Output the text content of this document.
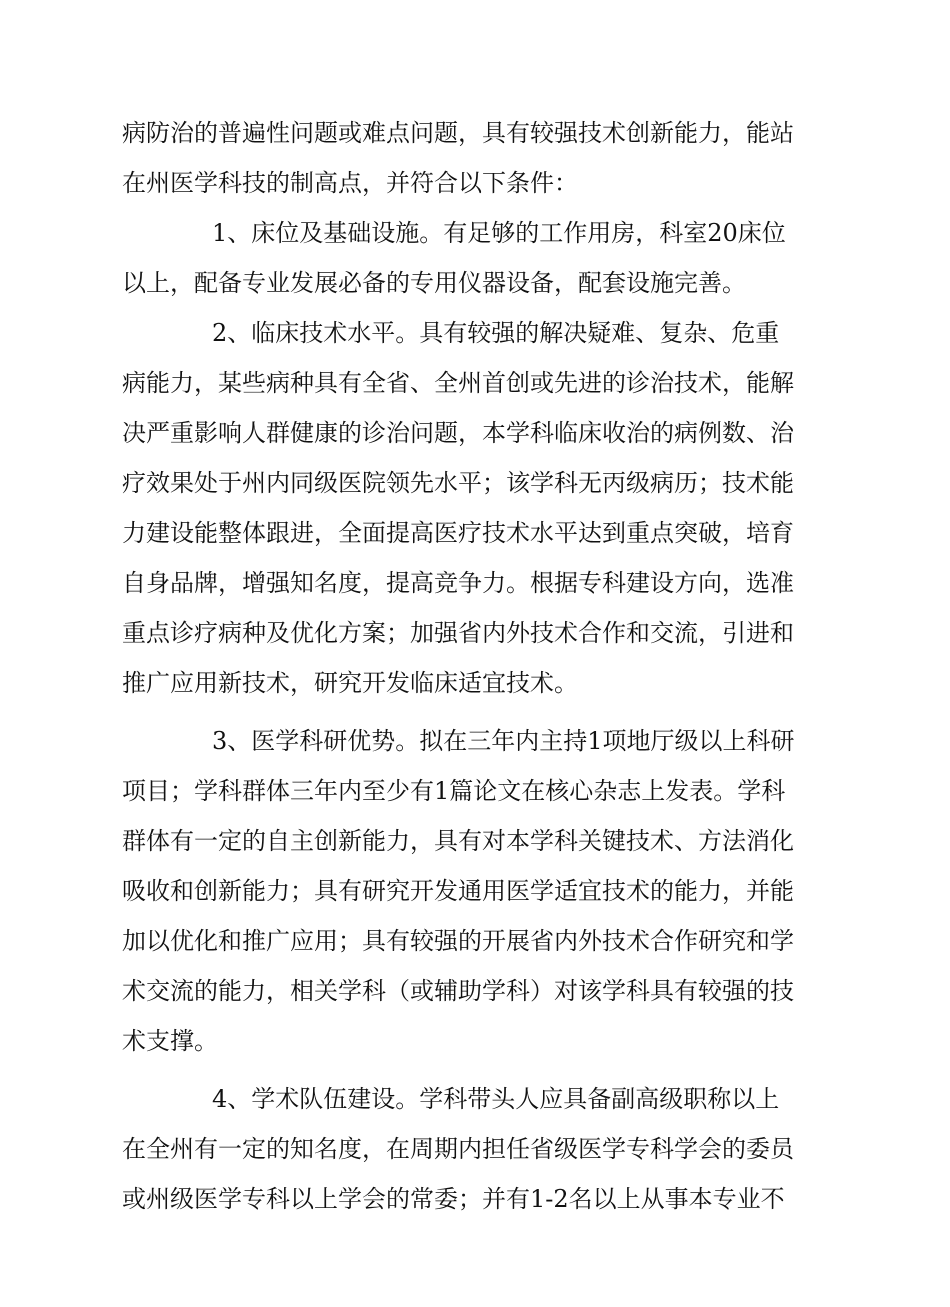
病防治的普遍性问题或难点问题，具有较强技术创新能力，能站
在州医学科技的制高点，并符合以下条件：
1、床位及基础设施。有足够的工作用房，科室20床位
以上，配备专业发展必备的专用仪器设备，配套设施完善。
2、临床技术水平。具有较强的解决疑难、复杂、危重
病能力，某些病种具有全省、全州首创或先进的诊治技术，能解
决严重影响人群健康的诊治问题，本学科临床收治的病例数、治
疗效果处于州内同级医院领先水平；该学科无丙级病历；技术能
力建设能整体跟进，全面提高医疗技术水平达到重点突破，培育
自身品牌，增强知名度，提高竞争力。根据专科建设方向，选准
重点诊疗病种及优化方案；加强省内外技术合作和交流，引进和
推广应用新技术，研究开发临床适宜技术。
3、医学科研优势。拟在三年内主持1项地厅级以上科研
项目；学科群体三年内至少有1篇论文在核心杂志上发表。学科
群体有一定的自主创新能力，具有对本学科关键技术、方法消化
吸收和创新能力；具有研究开发通用医学适宜技术的能力，并能
加以优化和推广应用；具有较强的开展省内外技术合作研究和学
术交流的能力，相关学科（或辅助学科）对该学科具有较强的技
术支撑。
4、学术队伍建设。学科带头人应具备副高级职称以上
在全州有一定的知名度，在周期内担任省级医学专科学会的委员
或州级医学专科以上学会的常委；并有1-2名以上从事本专业不
